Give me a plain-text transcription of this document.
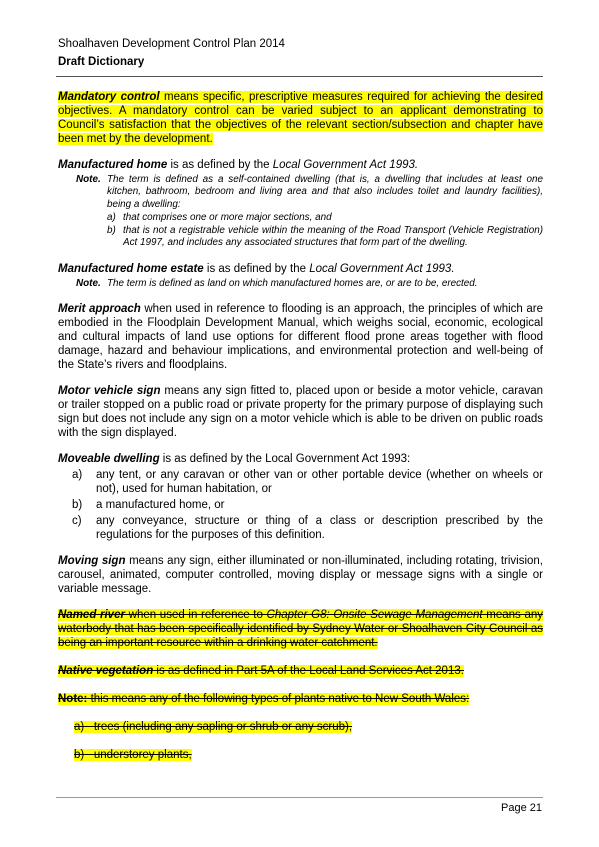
Shoalhaven Development Control Plan 2014
Draft Dictionary

Mandatory control means specific, prescriptive measures required for achieving the desired objectives. A mandatory control can be varied subject to an applicant demonstrating to Council’s satisfaction that the objectives of the relevant section/subsection and chapter have been met by the development.

Manufactured home is as defined by the Local Government Act 1993.

Note. The term is defined as a self-contained dwelling (that is, a dwelling that includes at least one kitchen, bathroom, bedroom and living area and that also includes toilet and laundry facilities), being a dwelling:
a) that comprises one or more major sections, and
b) that is not a registrable vehicle within the meaning of the Road Transport (Vehicle Registration) Act 1997, and includes any associated structures that form part of the dwelling.

Manufactured home estate is as defined by the Local Government Act 1993.

Note. The term is defined as land on which manufactured homes are, or are to be, erected.

Merit approach when used in reference to flooding is an approach, the principles of which are embodied in the Floodplain Development Manual, which weighs social, economic, ecological and cultural impacts of land use options for different flood prone areas together with flood damage, hazard and behaviour implications, and environmental protection and well-being of the State’s rivers and floodplains.

Motor vehicle sign means any sign fitted to, placed upon or beside a motor vehicle, caravan or trailer stopped on a public road or private property for the primary purpose of displaying such sign but does not include any sign on a motor vehicle which is able to be driven on public roads with the sign displayed.

Moveable dwelling is as defined by the Local Government Act 1993:

a)	any tent, or any caravan or other van or other portable device (whether on wheels or not), used for human habitation, or
b)	a manufactured home, or
c)	any conveyance, structure or thing of a class or description prescribed by the regulations for the purposes of this definition.

Moving sign means any sign, either illuminated or non-illuminated, including rotating, trivision, carousel, animated, computer controlled, moving display or message signs with a single or variable message.

Named river when used in reference to Chapter G8: Onsite Sewage Management means any waterbody that has been specifically identified by Sydney Water or Shoalhaven City Council as being an important resource within a drinking water catchment.

Native vegetation is as defined in Part 5A of the Local Land Services Act 2013.

Note: this means any of the following types of plants native to New South Wales:

a) trees (including any sapling or shrub or any scrub),

b) understorey plants,

Page 21
